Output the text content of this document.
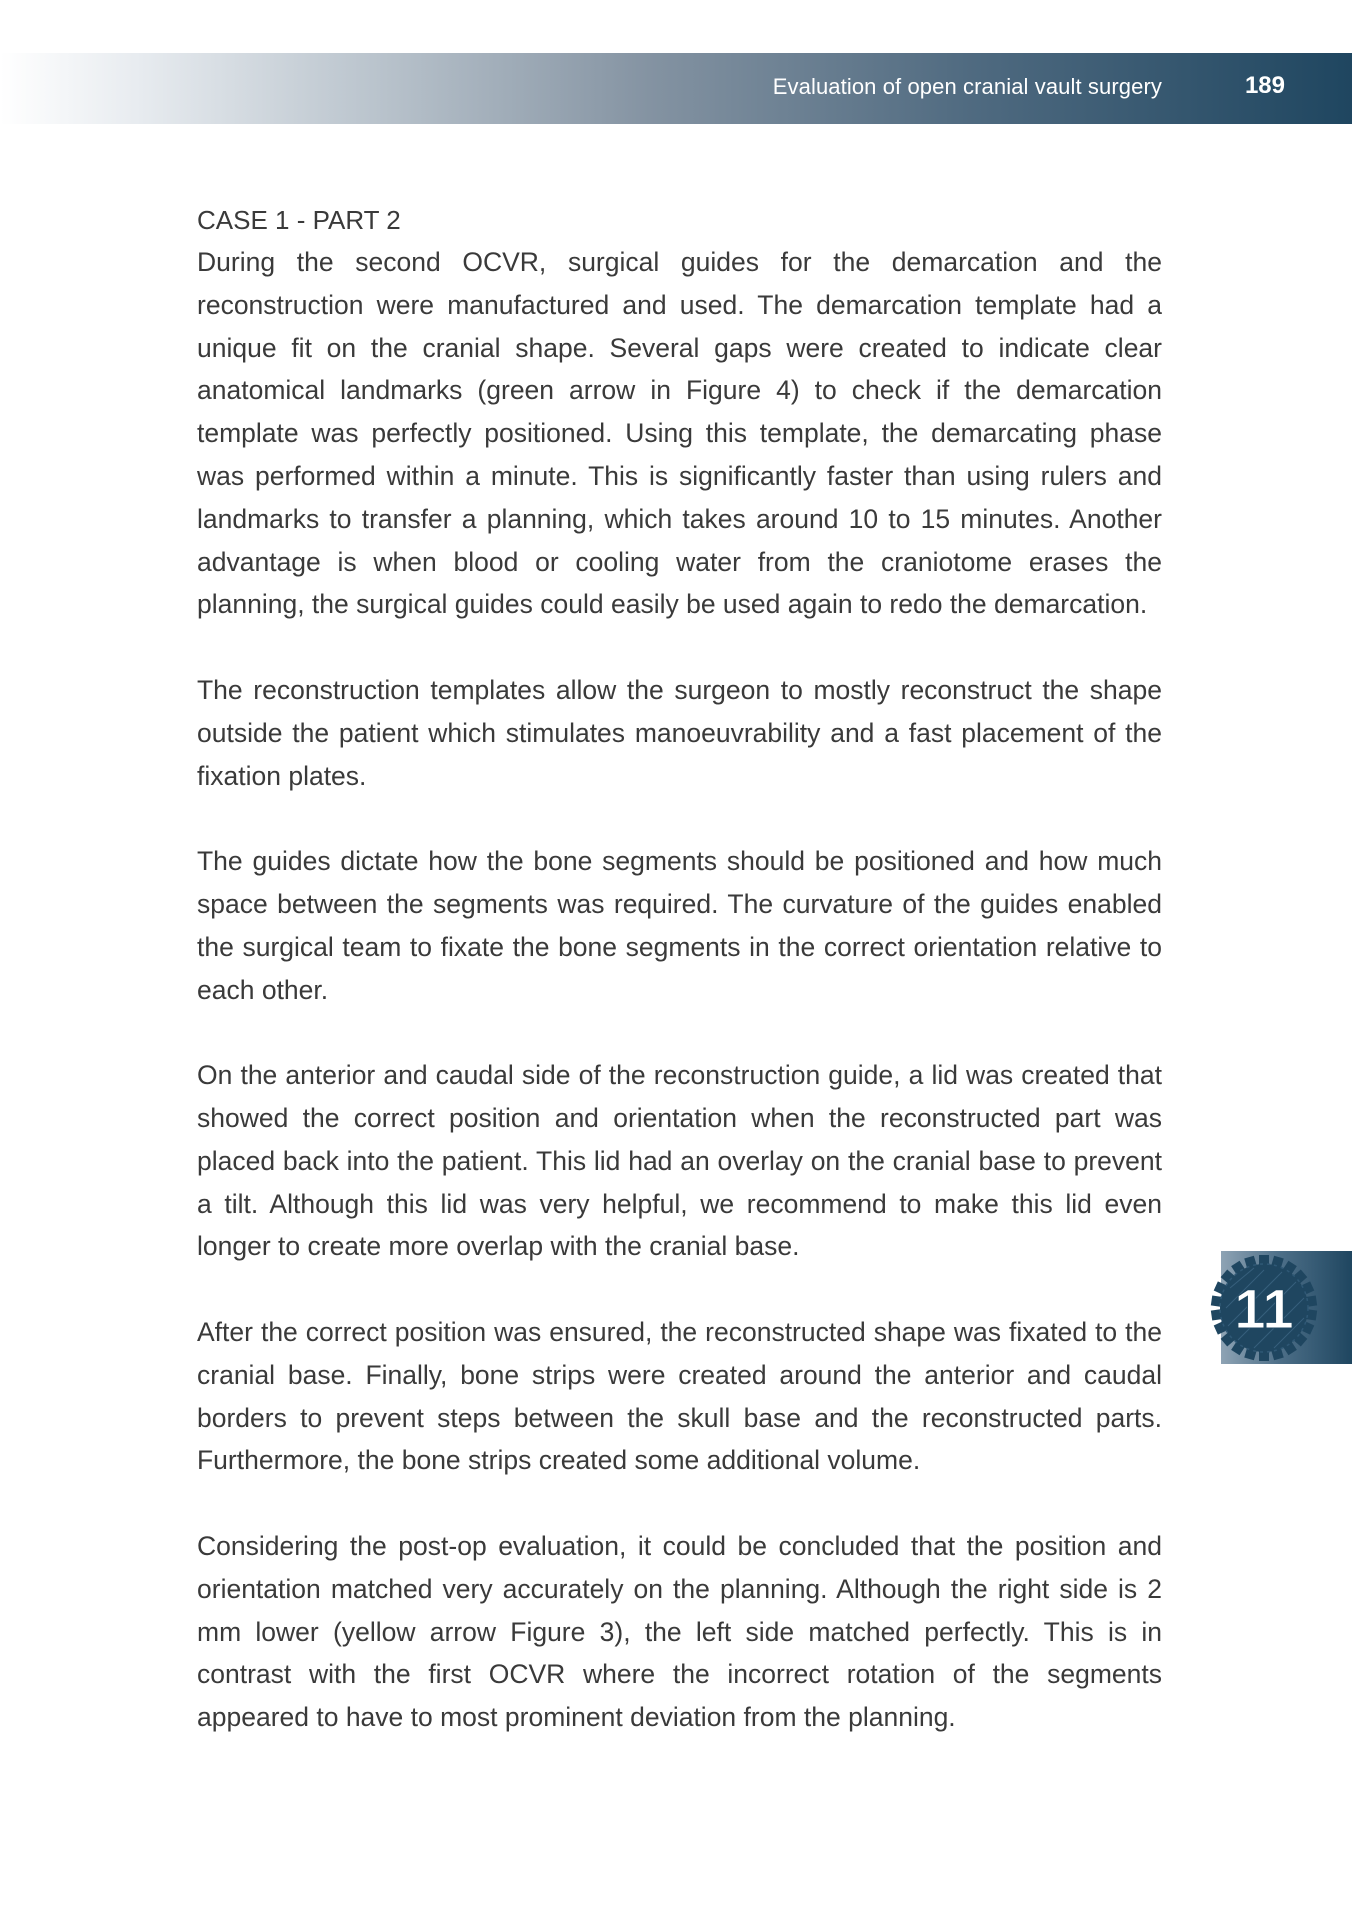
Evaluation of open cranial vault surgery	189
CASE 1 - PART 2

During the second OCVR, surgical guides for the demarcation and the reconstruction were manufactured and used. The demarcation template had a unique fit on the cranial shape. Several gaps were created to indicate clear anatomical landmarks (green arrow in Figure 4) to check if the demarcation template was perfectly positioned. Using this template, the demarcating phase was performed within a minute. This is significantly faster than using rulers and landmarks to transfer a planning, which takes around 10 to 15 minutes. Another advantage is when blood or cooling water from the craniotome erases the planning, the surgical guides could easily be used again to redo the demarcation.

The reconstruction templates allow the surgeon to mostly reconstruct the shape outside the patient which stimulates manoeuvrability and a fast placement of the fixation plates.

The guides dictate how the bone segments should be positioned and how much space between the segments was required. The curvature of the guides enabled the surgical team to fixate the bone segments in the correct orientation relative to each other.

On the anterior and caudal side of the reconstruction guide, a lid was created that showed the correct position and orientation when the reconstructed part was placed back into the patient. This lid had an overlay on the cranial base to prevent a tilt. Although this lid was very helpful, we recommend to make this lid even longer to create more overlap with the cranial base.

After the correct position was ensured, the reconstructed shape was fixated to the cranial base. Finally, bone strips were created around the anterior and caudal borders to prevent steps between the skull base and the reconstructed parts. Furthermore, the bone strips created some additional volume.

Considering the post-op evaluation, it could be concluded that the position and orientation matched very accurately on the planning. Although the right side is 2 mm lower (yellow arrow Figure 3), the left side matched perfectly. This is in contrast with the first OCVR where the incorrect rotation of the segments appeared to have to most prominent deviation from the planning.

11
